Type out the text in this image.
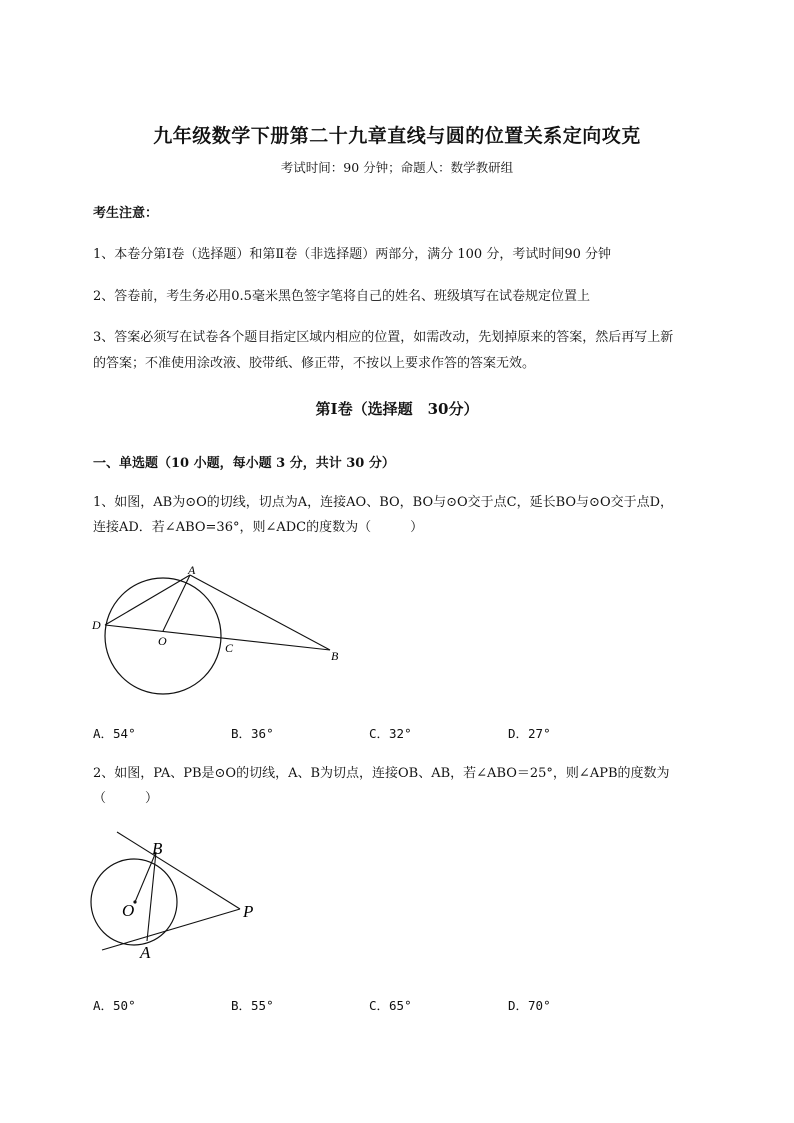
九年级数学下册第二十九章直线与圆的位置关系定向攻克
考试时间：90 分钟；命题人：数学教研组
考生注意：
1、本卷分第Ⅰ卷（选择题）和第Ⅱ卷（非选择题）两部分，满分 100 分，考试时间90 分钟
2、答卷前，考生务必用0.5毫米黑色签字笔将自己的姓名、班级填写在试卷规定位置上
3、答案必须写在试卷各个题目指定区域内相应的位置，如需改动，先划掉原来的答案，然后再写上新
的答案；不准使用涂改液、胶带纸、修正带，不按以上要求作答的答案无效。
第Ⅰ卷（选择题　30分）
一、单选题（10 小题，每小题 3 分，共计 30 分）
1、如图，AB为⊙O的切线，切点为A，连接AO、BO，BO与⊙O交于点C，延长BO与⊙O交于点D，
连接AD．若∠ABO=36°，则∠ADC的度数为（　　　）
A
D
O	C
B
A．54°	B．36°	C．32°	D．27°
2、如图，PA、PB是⊙O的切线，A、B为切点，连接OB、AB，若∠ABO＝25°，则∠APB的度数为
（　　　）
B
O	P
A
A．50°	B．55°	C．65°	D．70°
